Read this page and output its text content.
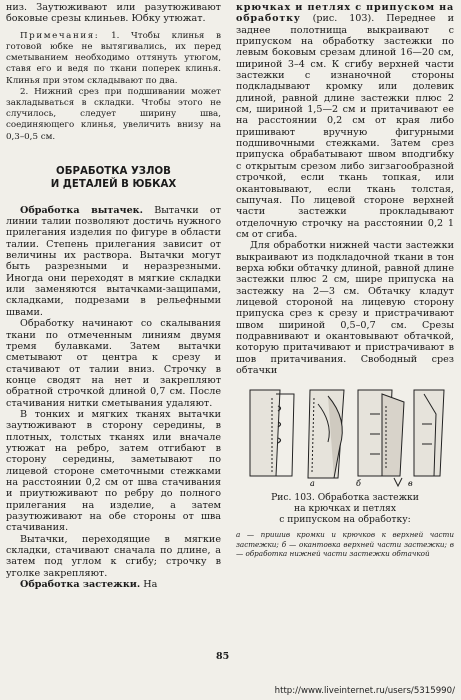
низ. Заутюживают или разутюживают боковые срезы клиньев. Юбку утюжат.

Примечания: 1. Чтобы клинья в готовой юбке не вытягивались, их перед сметыванием необходимо оттянуть утюгом, ставя его и ведя по ткани поперек клинья. Клинья при этом складывают по два.

2. Нижний срез при подшивании может закладываться в складки. Чтобы этого не случилось, следует ширину шва, соединяющего клинья, увеличить внизу на 0,3–0,5 см.

ОБРАБОТКА УЗЛОВ
И ДЕТАЛЕЙ В ЮБКАХ

Обработка вытачек. Вытачки от линии талии позволяют достичь нужного прилегания изделия по фигуре в области талии. Степень прилегания зависит от величины их раствора. Вытачки могут быть разрезными и неразрезными. Иногда они переходят в мягкие складки или заменяются вытачками-защипами, складками, подрезами в рельефными швами.

Обработку начинают со скалывания ткани по отмеченным линиям двумя тремя булавками. Затем вытачки сметывают от центра к срезу и стачивают от талии вниз. Строчку в конце сводят на нет и закрепляют обратной строчкой длиной 0,7 см. После стачивания нитки сметывания удаляют.

В тонких и мягких тканях вытачки заутюживают в сторону середины, в плотных, толстых тканях или вначале утюжат на ребро, затем отгибают в сторону середины, заметывают по лицевой стороне сметочными стежками на расстоянии 0,2 см от шва стачивания и приутюживают по ребру до полного прилегания на изделие, а затем разутюживают на обе стороны от шва стачивания.

Вытачки, переходящие в мягкие складки, стачивают сначала по длине, а затем под углом к сгибу; строчку в уголке закрепляют.

Обработка застежки. На

крючках и петлях с припуском на обработку (рис. 103). Переднее и заднее полотнища выкраивают с припуском на обработку застежки по левым боковым срезам длиной 16—20 см, шириной 3–4 см. К сгибу верхней части застежки с изнаночной стороны подкладывают кромку или долевик длиной, равной длине застежки плюс 2 см, шириной 1,5—2 см и притачивают ее на расстоянии 0,2 см от края либо пришивают вручную фигурными подшивочными стежками. Затем срез припуска обрабатывают швом вподгибку с открытым срезом либо зигзагообразной строчкой, если ткань топкая, или окантовывают, если ткань толстая, сыпучая. По лицевой стороне верхней части застежки прокладывают отделочную строчку на расстоянии 0,2 1 см от сгиба.

Для обработки нижней части застежки выкраивают из подкладочной ткани в тон верха юбки обтачку длиной, равной длине застежки плюс 2 см, шире припуска на застежку на 2—3 см. Обтачку кладут лицевой стороной на лицевую сторону припуска срез к срезу и пристрачивают швом шириной 0,5–0,7 см. Срезы подравнивают и окантовывают обтачкой, которую притачивают и пристрачивают в шов притачивания. Свободный срез обтачки

a	б	в
Рис. 103. Обработка застежки
на крючках и петлях
с припуском на обработку:
a — пришив кромки и крючков к верхней части застежки; б — окантовка верхней части застежки; в — обработка нижней части застежки обтачкой
85
http://www.liveinternet.ru/users/5315990/
